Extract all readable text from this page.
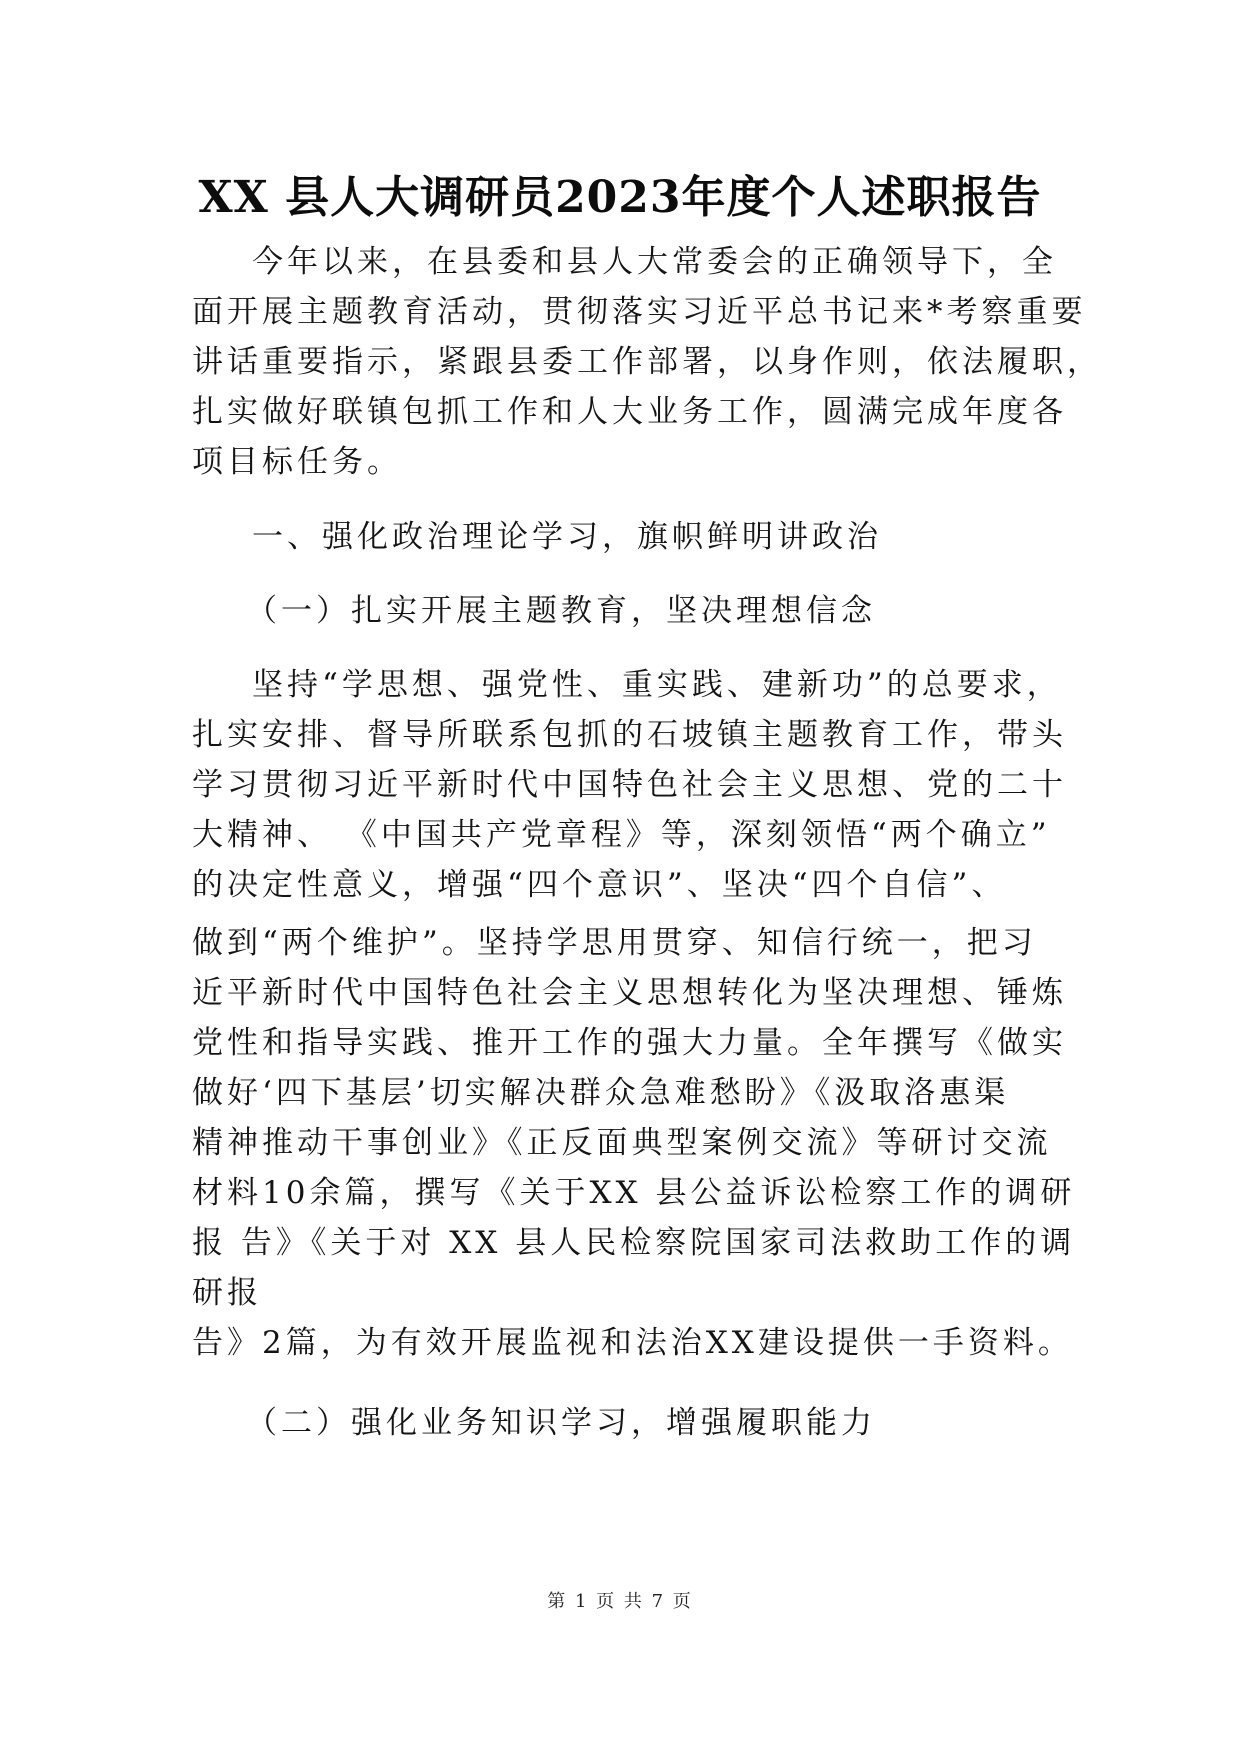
XX 县人大调研员2023年度个人述职报告

今年以来，在县委和县人大常委会的正确领导下，全

面开展主题教育活动，贯彻落实习近平总书记来*考察重要

讲话重要指示，紧跟县委工作部署，以身作则，依法履职，

扎实做好联镇包抓工作和人大业务工作，圆满完成年度各

项目标任务。

一、强化政治理论学习，旗帜鲜明讲政治

（一）扎实开展主题教育，坚决理想信念

坚持“学思想、强党性、重实践、建新功”的总要求，

扎实安排、督导所联系包抓的石坡镇主题教育工作，带头

学习贯彻习近平新时代中国特色社会主义思想、党的二十

大精神、 《中国共产党章程》等，深刻领悟“两个确立”

的决定性意义，增强“四个意识”、坚决“四个自信”、

做到“两个维护”。坚持学思用贯穿、知信行统一，把习

近平新时代中国特色社会主义思想转化为坚决理想、锤炼

党性和指导实践、推开工作的强大力量。全年撰写《做实

做好‘四下基层’切实解决群众急难愁盼》《汲取洛惠渠

精神推动干事创业》《正反面典型案例交流》等研讨交流

材料10余篇，撰写《关于XX 县公益诉讼检察工作的调研

报 告》《关于对 XX 县人民检察院国家司法救助工作的调

研报

告》2篇，为有效开展监视和法治XX建设提供一手资料。

（二）强化业务知识学习，增强履职能力

第 1 页 共 7 页
